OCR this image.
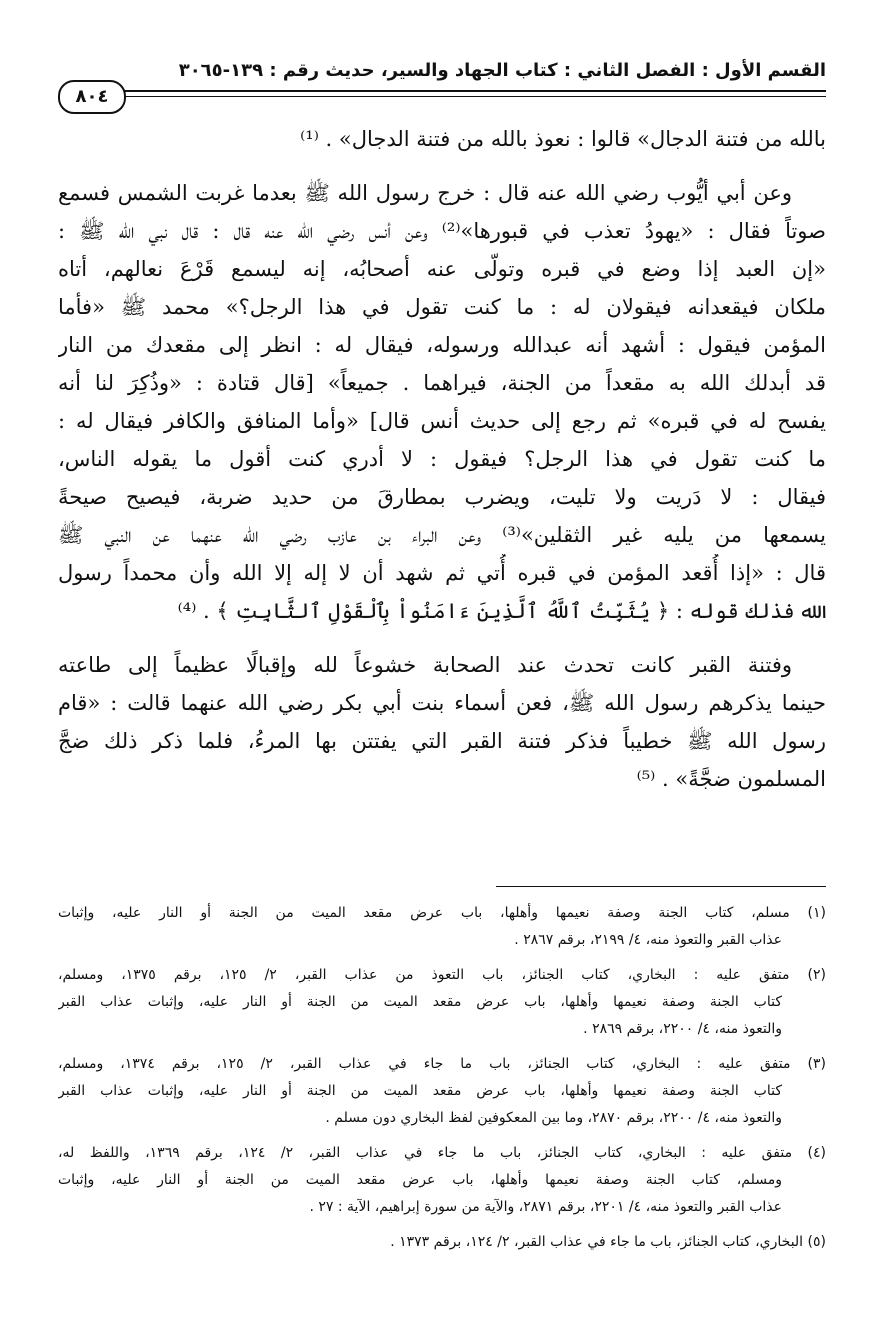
القسم الأول : الفصل الثاني : كتاب الجهاد والسير، حديث رقم : ١٣٩-٣٠٦٥
٨٠٤
بالله من فتنة الدجال» قالوا : نعوذ بالله من فتنة الدجال» . ⁽¹⁾
وعن أبي أيُّوب رضي الله عنه قال : خرج رسول الله ﷺ بعدما غربت الشمس فسمع
صوتاً فقال : «يهودُ تعذب في قبورها»⁽²⁾ وعن أنس رضي الله عنه قال : قال نبي الله ﷺ :
«إن العبد إذا وضع في قبره وتولّى عنه أصحابُه، إنه ليسمع قَرْعَ نعالهم، أتاه
ملكان فيقعدانه فيقولان له : ما كنت تقول في هذا الرجل؟» محمد ﷺ «فأما
المؤمن فيقول : أشهد أنه عبدالله ورسوله، فيقال له : انظر إلى مقعدك من النار
قد أبدلك الله به مقعداً من الجنة، فيراهما . جميعاً» [قال قتادة : «وذُكِرَ لنا أنه
يفسح له في قبره» ثم رجع إلى حديث أنس قال] «وأما المنافق والكافر فيقال له :
ما كنت تقول في هذا الرجل؟ فيقول : لا أدري كنت أقول ما يقوله الناس،
فيقال : لا دَريت ولا تليت، ويضرب بمطارقَ من حديد ضربة، فيصيح صيحةً
يسمعها من يليه غير الثقلين»⁽³⁾ وعن البراء بن عازب رضي الله عنهما عن النبي ﷺ
قال : «إذا أُقعد المؤمن في قبره أُتي ثم شهد أن لا إله إلا الله وأن محمداً رسول
الله فذلك قوله : ﴿ يُثَبِّتُ ٱللَّهُ ٱلَّذِينَ ءَامَنُواْ بِٱلْقَوْلِ ٱلثَّابِتِ ﴾ . ⁽⁴⁾
وفتنة القبر كانت تحدث عند الصحابة خشوعاً لله وإقبالًا عظيماً إلى طاعته
حينما يذكرهم رسول الله ﷺ، فعن أسماء بنت أبي بكر رضي الله عنهما قالت : «قام
رسول الله ﷺ خطيباً فذكر فتنة القبر التي يفتتن بها المرءُ، فلما ذكر ذلك ضجَّ
المسلمون ضجَّةً» . ⁽⁵⁾
(١) مسلم، كتاب الجنة وصفة نعيمها وأهلها، باب عرض مقعد الميت من الجنة أو النار عليه، وإثبات
عذاب القبر والتعوذ منه، ٤/ ٢١٩٩، برقم ٢٨٦٧ .
(٢) متفق عليه : البخاري، كتاب الجنائز، باب التعوذ من عذاب القبر، ٢/ ١٢٥، برقم ١٣٧٥، ومسلم،
كتاب الجنة وصفة نعيمها وأهلها، باب عرض مقعد الميت من الجنة أو النار عليه، وإثبات عذاب القبر
والتعوذ منه، ٤/ ٢٢٠٠، برقم ٢٨٦٩ .
(٣) متفق عليه : البخاري، كتاب الجنائز، باب ما جاء في عذاب القبر، ٢/ ١٢٥، برقم ١٣٧٤، ومسلم،
كتاب الجنة وصفة نعيمها وأهلها، باب عرض مقعد الميت من الجنة أو النار عليه، وإثبات عذاب القبر
والتعوذ منه، ٤/ ٢٢٠٠، برقم ٢٨٧٠، وما بين المعكوفين لفظ البخاري دون مسلم .
(٤) متفق عليه : البخاري، كتاب الجنائز، باب ما جاء في عذاب القبر، ٢/ ١٢٤، برقم ١٣٦٩، واللفظ له،
ومسلم، كتاب الجنة وصفة نعيمها وأهلها، باب عرض مقعد الميت من الجنة أو النار عليه، وإثبات
عذاب القبر والتعوذ منه، ٤/ ٢٢٠١، برقم ٢٨٧١، والآية من سورة إبراهيم، الآية : ٢٧ .
(٥) البخاري، كتاب الجنائز، باب ما جاء في عذاب القبر، ٢/ ١٢٤، برقم ١٣٧٣ .
